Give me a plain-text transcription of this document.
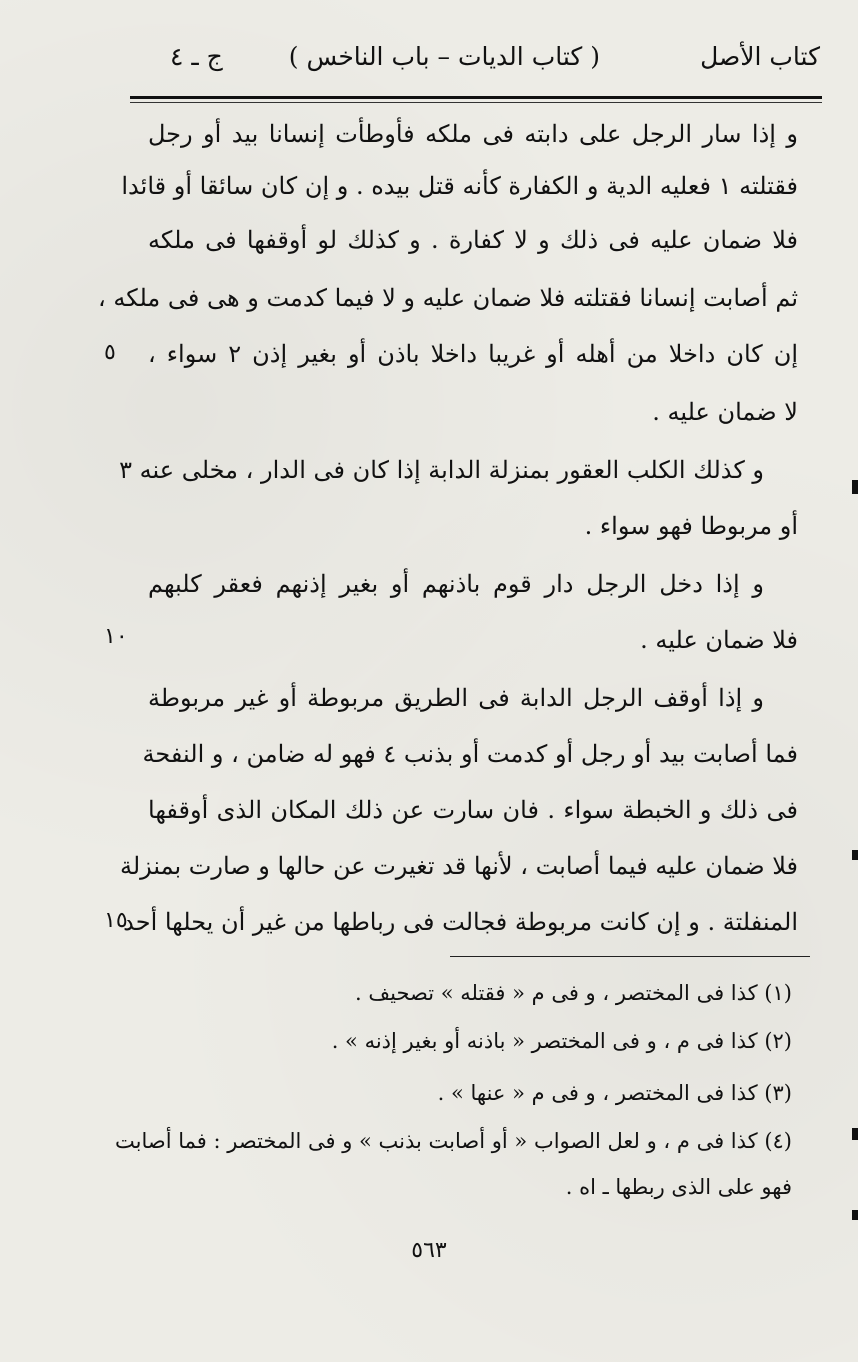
كتاب الأصل
( كتاب الديات – باب الناخس )
ج ـ ٤
و إذا سار الرجل على دابته فى ملكه فأوطأت إنسانا بيد أو رجل
فقتلته ١ فعليه الدية و الكفارة كأنه قتل بيده . و إن كان سائقا أو قائدا
فلا ضمان عليه فى ذلك و لا كفارة . و كذلك لو أوقفها فى ملكه
ثم أصابت إنسانا فقتلته فلا ضمان عليه و لا فيما كدمت و هى فى ملكه ،
إن كان داخلا من أهله أو غريبا داخلا باذن أو بغير إذن ٢ سواء ،
لا ضمان عليه .
و كذلك الكلب العقور بمنزلة الدابة إذا كان فى الدار ، مخلى عنه ٣
أو مربوطا فهو سواء .
و إذا دخل الرجل دار قوم باذنهم أو بغير إذنهم فعقر كلبهم
فلا ضمان عليه .
و إذا أوقف الرجل الدابة فى الطريق مربوطة أو غير مربوطة
فما أصابت بيد أو رجل أو كدمت أو بذنب ٤ فهو له ضامن ، و النفحة
فى ذلك و الخبطة سواء . فان سارت عن ذلك المكان الذى أوقفها
فلا ضمان عليه فيما أصابت ، لأنها قد تغيرت عن حالها و صارت بمنزلة
المنفلتة . و إن كانت مربوطة فجالت فى رباطها من غير أن يحلها أحد
٥
١٠
١٥
(١) كذا فى المختصر ، و فى م « فقتله » تصحيف .
(٢) كذا فى م ، و فى المختصر « باذنه أو بغير إذنه » .
(٣) كذا فى المختصر ، و فى م « عنها » .
(٤) كذا فى م ، و لعل الصواب « أو أصابت بذنب » و فى المختصر : فما أصابت
فهو على الذى ربطها ـ اه .
٥٦٣
